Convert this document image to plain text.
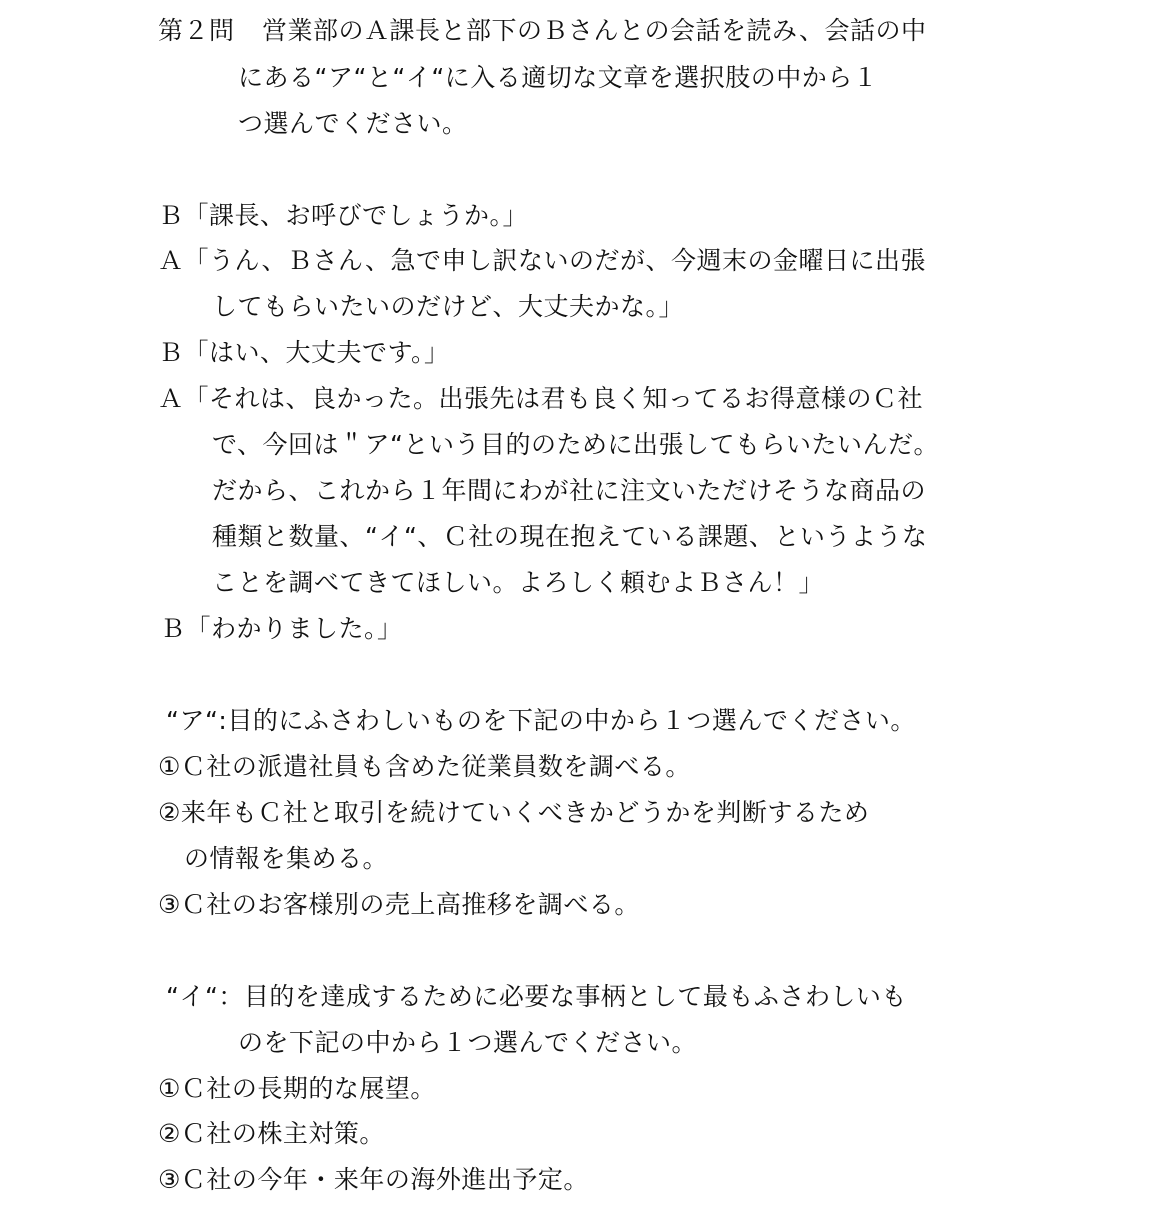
第２問 営業部のＡ課長と部下のＢさんとの会話を読み、会話の中
にある“ア“と“イ“に入る適切な文章を選択肢の中から１
つ選んでください。
Ｂ「課長、お呼びでしょうか。」
Ａ「うん、Ｂさん、急で申し訳ないのだが、今週末の金曜日に出張
してもらいたいのだけど、大丈夫かな。」
Ｂ「はい、大丈夫です。」
Ａ「それは、良かった。出張先は君も良く知ってるお得意様のＣ社
で、今回は＂ア“という目的のために出張してもらいたいんだ。
だから、これから１年間にわが社に注文いただけそうな商品の
種類と数量、“イ“、Ｃ社の現在抱えている課題、というような
ことを調べてきてほしい。よろしく頼むよＢさん！」
Ｂ「わかりました。」
“ア“:目的にふさわしいものを下記の中から１つ選んでください。
①Ｃ社の派遣社員も含めた従業員数を調べる。
②来年もＣ社と取引を続けていくべきかどうかを判断するため
の情報を集める。
③Ｃ社のお客様別の売上高推移を調べる。
“イ“：目的を達成するために必要な事柄として最もふさわしいも
のを下記の中から１つ選んでください。
①Ｃ社の長期的な展望。
②Ｃ社の株主対策。
③Ｃ社の今年・来年の海外進出予定。
